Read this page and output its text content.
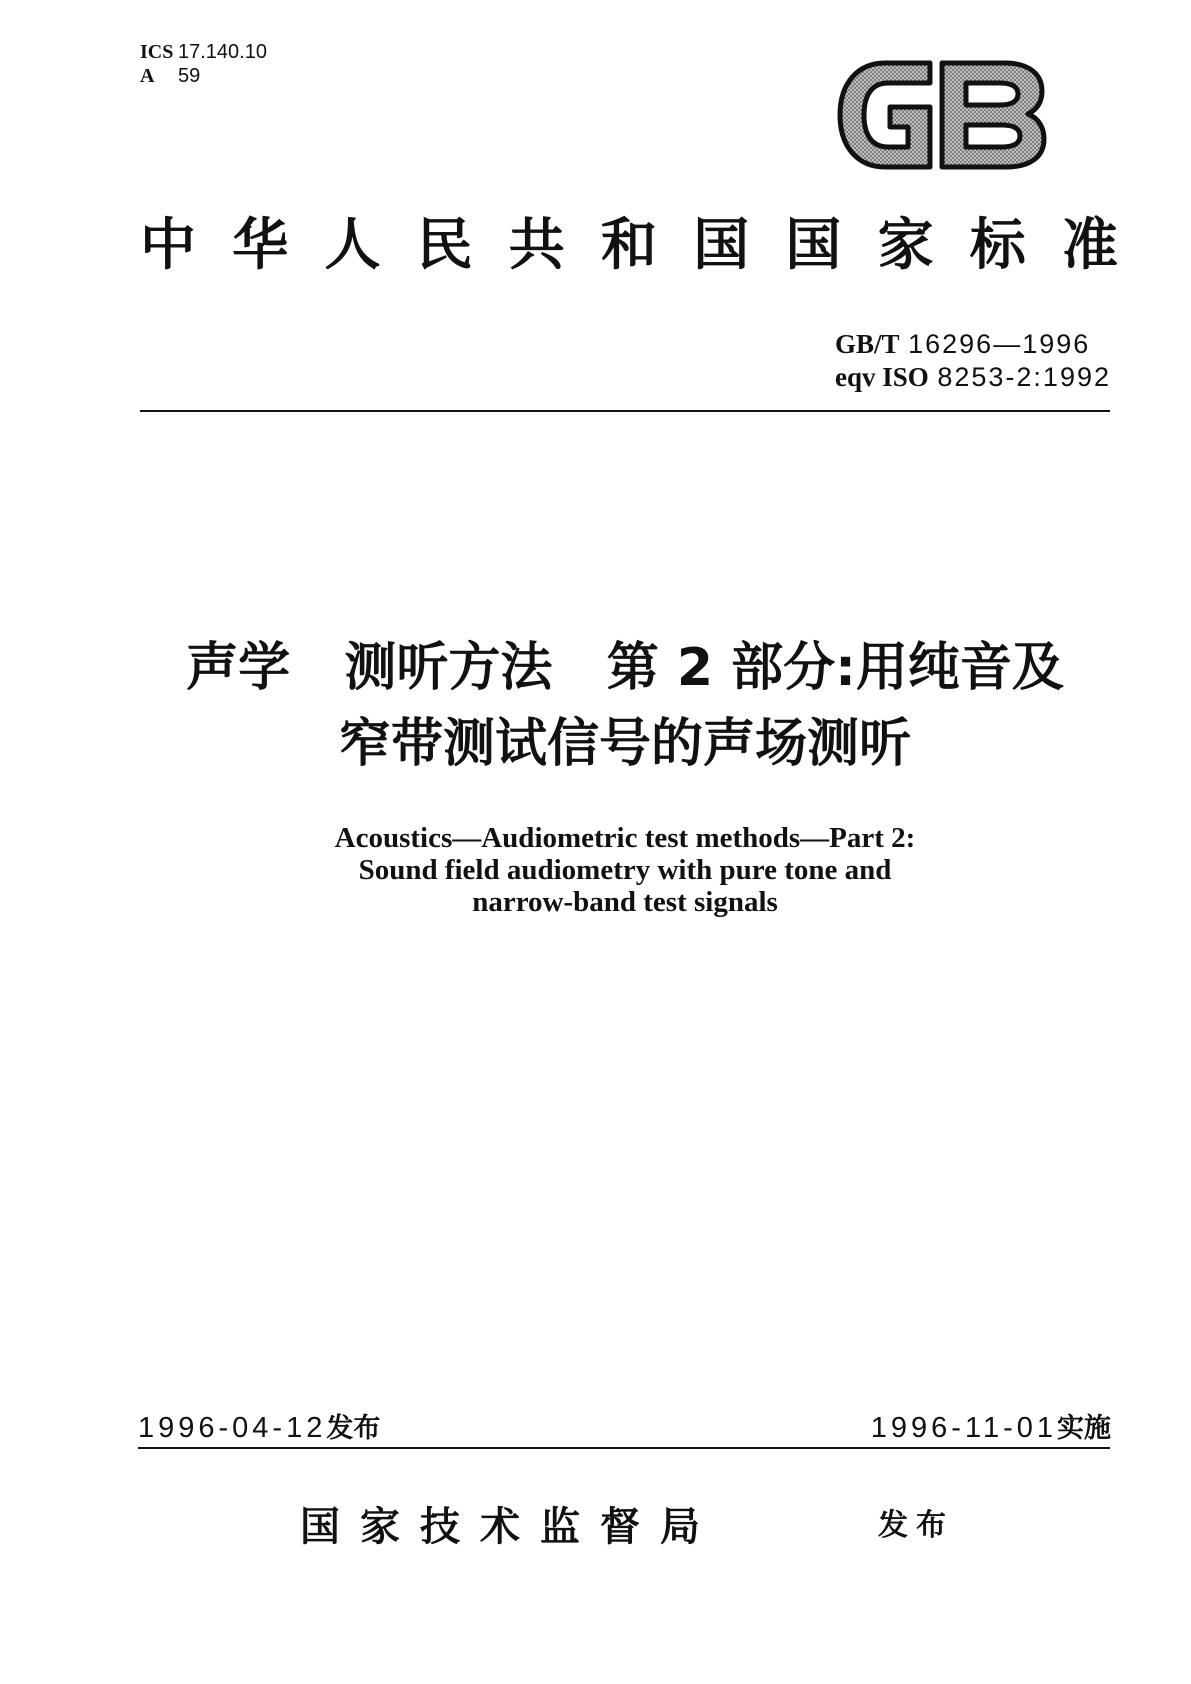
ICS 17.140.10
A 59
中华人民共和国国家标准
GB/T 16296—1996
eqv ISO 8253-2:1992
声学   测听方法   第 2 部分:用纯音及
窄带测试信号的声场测听
Acoustics—Audiometric test methods—Part 2:
Sound field audiometry with pure tone and
narrow-band test signals
1996-04-12发布	1996-11-01实施
国家技术监督局	发布
